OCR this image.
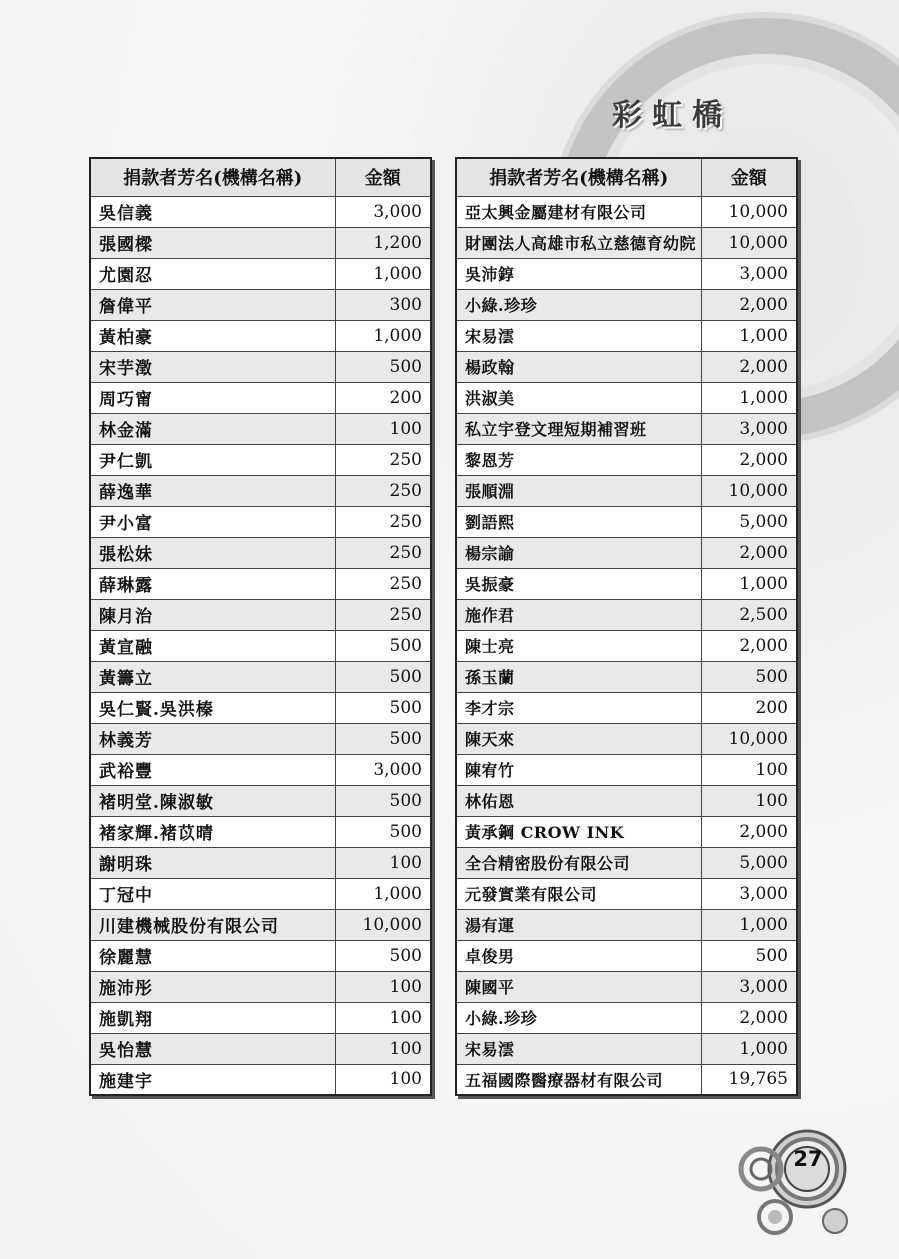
彩虹橋
捐款者芳名(機構名稱)	金額
吳信義	3,000
張國樑	1,200
尤園忍	1,000
詹偉平	300
黃柏豪	1,000
宋芋澂	500
周巧甯	200
林金滿	100
尹仁凱	250
薛逸華	250
尹小富	250
張松妹	250
薛琳露	250
陳月治	250
黃宣融	500
黃籌立	500
吳仁賢.吳洪榛	500
林義芳	500
武裕豐	3,000
褚明堂.陳淑敏	500
褚家輝.褚苡晴	500
謝明珠	100
丁冠中	1,000
川建機械股份有限公司	10,000
徐麗慧	500
施沛彤	100
施凱翔	100
吳怡慧	100
施建宇	100
捐款者芳名(機構名稱)	金額
亞太興金屬建材有限公司	10,000
財團法人高雄市私立慈德育幼院	10,000
吳沛錞	3,000
小綠.珍珍	2,000
宋易澐	1,000
楊政翰	2,000
洪淑美	1,000
私立宇登文理短期補習班	3,000
黎恩芳	2,000
張順淵	10,000
劉語熙	5,000
楊宗諭	2,000
吳振豪	1,000
施作君	2,500
陳士亮	2,000
孫玉蘭	500
李才宗	200
陳天來	10,000
陳宥竹	100
林佑恩	100
黃承鋼 CROW INK	2,000
全合精密股份有限公司	5,000
元發實業有限公司	3,000
湯有運	1,000
卓俊男	500
陳國平	3,000
小綠.珍珍	2,000
宋易澐	1,000
五福國際醫療器材有限公司	19,765
27
